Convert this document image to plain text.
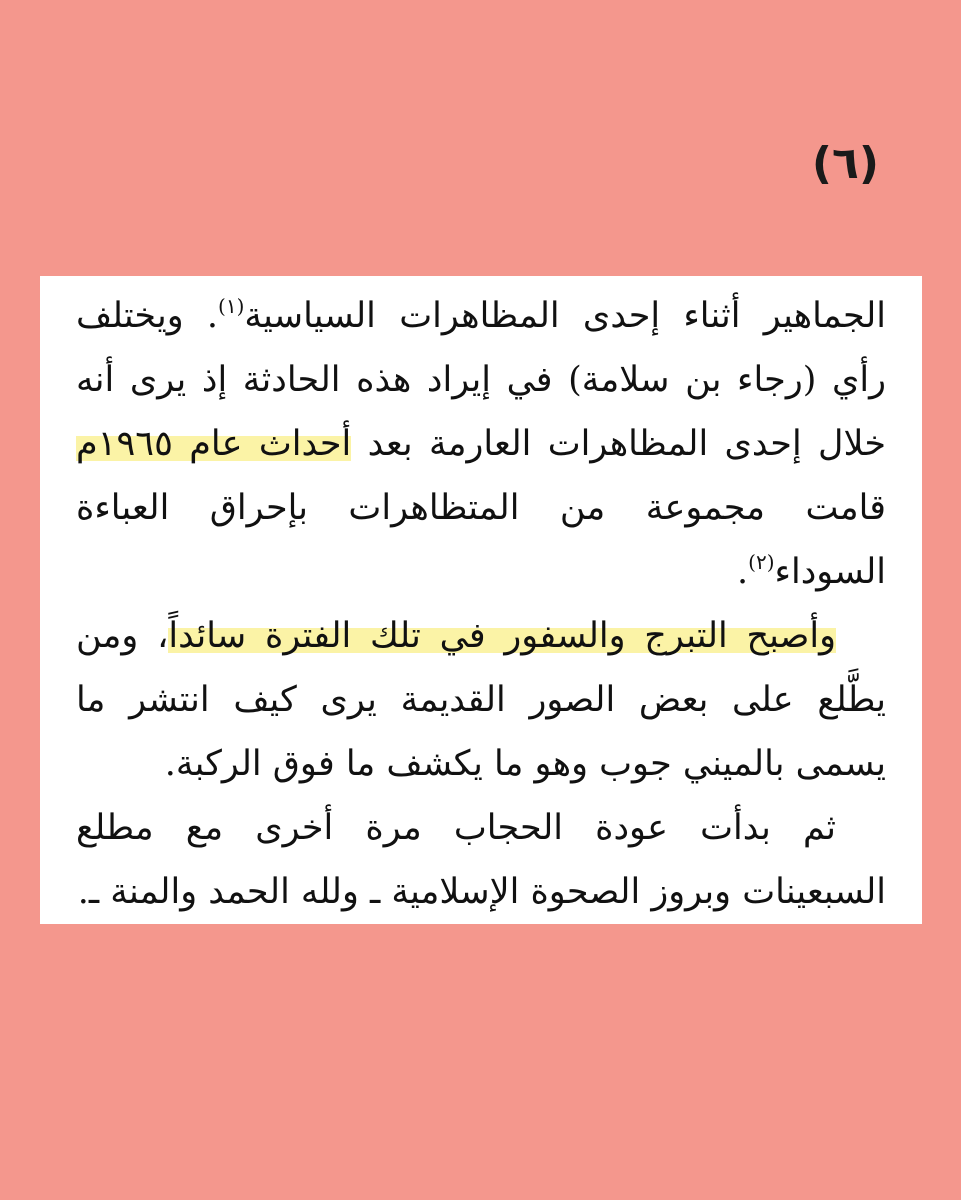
(٦)

الجماهير أثناء إحدى المظاهرات السياسية$^{(١)}$. ويختلف رأي (رجاء بن سلامة) في إيراد هذه الحادثة إذ يرى أنه خلال إحدى المظاهرات العارمة بعد أحداث عام ١٩٦٥م قامت مجموعة من المتظاهرات بإحراق العباءة السوداء$^{(٢)}$.

وأصبح التبرج والسفور في تلك الفترة سائداً، ومن يطَّلع على بعض الصور القديمة يرى كيف انتشر ما يسمى بالميني جوب وهو ما يكشف ما فوق الركبة.

ثم بدأت عودة الحجاب مرة أخرى مع مطلع السبعينات وبروز الصحوة الإسلامية ـ ولله الحمد والمنة ـ.
